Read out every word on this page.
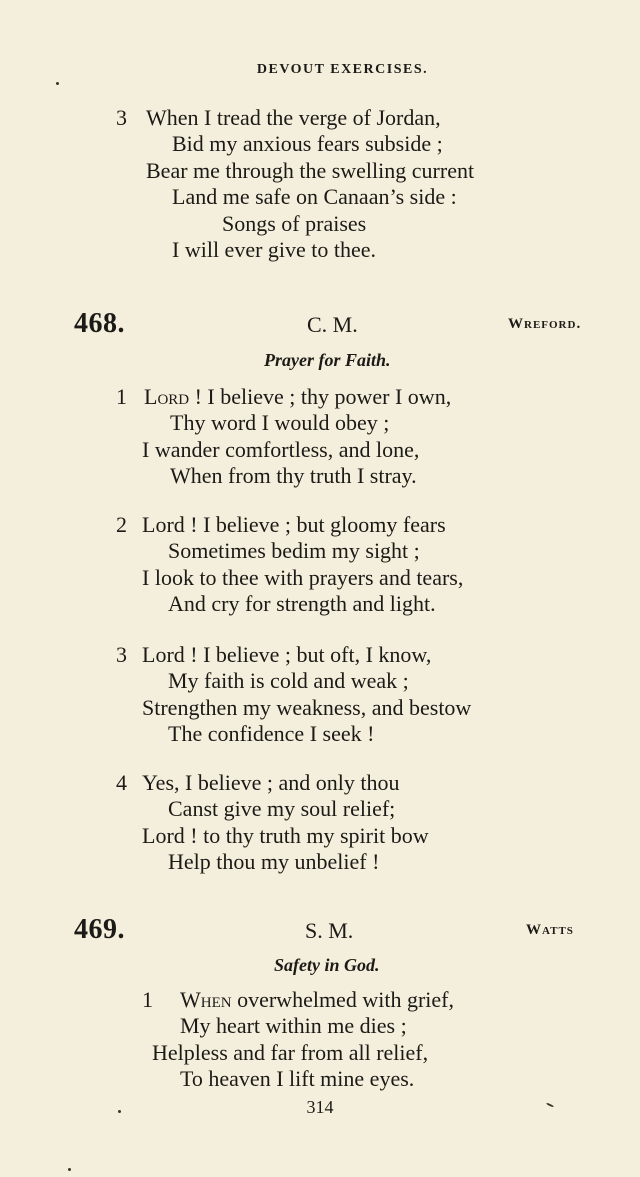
DEVOUT EXERCISES.
3 When I tread the verge of Jordan,
Bid my anxious fears subside ;
Bear me through the swelling current
Land me safe on Canaan’s side :
Songs of praises
I will ever give to thee.
468.	C. M.	Wreford.
Prayer for Faith.
1 Lord ! I believe ; thy power I own,
Thy word I would obey ;
I wander comfortless, and lone,
When from thy truth I stray.
2 Lord ! I believe ; but gloomy fears
Sometimes bedim my sight ;
I look to thee with prayers and tears,
And cry for strength and light.
3 Lord ! I believe ; but oft, I know,
My faith is cold and weak ;
Strengthen my weakness, and bestow
The confidence I seek !
4 Yes, I believe ; and only thou
Canst give my soul relief;
Lord ! to thy truth my spirit bow
Help thou my unbelief !
469.	S. M.	Watts
Safety in God.
1 When overwhelmed with grief,
My heart within me dies ;
Helpless and far from all relief,
To heaven I lift mine eyes.
314
